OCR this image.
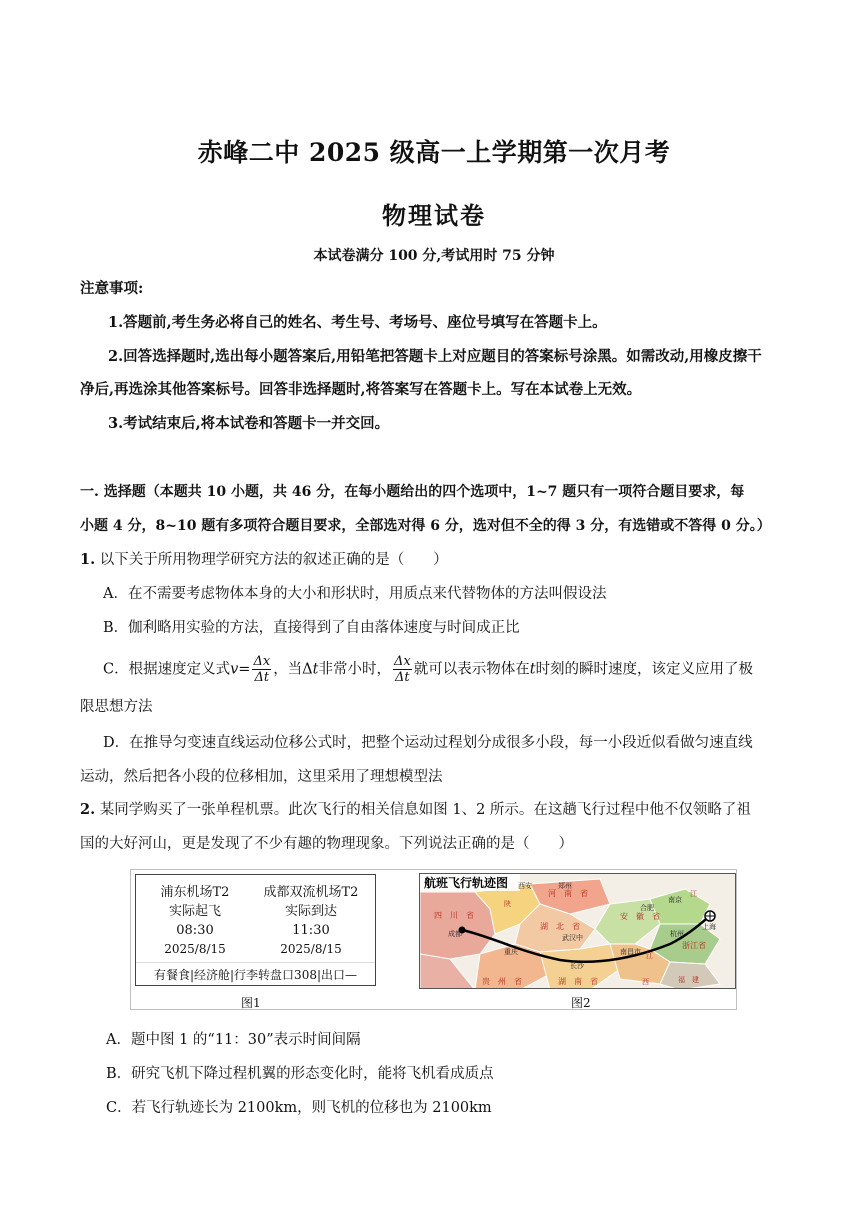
赤峰二中 2025 级高一上学期第一次月考
物理试卷
本试卷满分 100 分,考试用时 75 分钟
注意事项:
1.答题前,考生务必将自己的姓名、考生号、考场号、座位号填写在答题卡上。
2.回答选择题时,选出每小题答案后,用铅笔把答题卡上对应题目的答案标号涂黑。如需改动,用橡皮擦干
净后,再选涂其他答案标号。回答非选择题时,将答案写在答题卡上。写在本试卷上无效。
3.考试结束后,将本试卷和答题卡一并交回。
一. 选择题（本题共 10 小题，共 46 分，在每小题给出的四个选项中，1~7 题只有一项符合题目要求，每
小题 4 分，8~10 题有多项符合题目要求，全部选对得 6 分，选对但不全的得 3 分，有选错或不答得 0 分。）
1. 以下关于所用物理学研究方法的叙述正确的是（　　）
A．在不需要考虑物体本身的大小和形状时，用质点来代替物体的方法叫假设法
B．伽利略用实验的方法，直接得到了自由落体速度与时间成正比
C．根据速度定义式$v= \frac{\Delta x}{\Delta t}$ ，当Δt非常小时， $\frac{\Delta x}{\Delta t}$ 就可以表示物体在t时刻的瞬时速度，该定义应用了极
限思想方法
D．在推导匀变速直线运动位移公式时，把整个运动过程划分成很多小段，每一小段近似看做匀速直线
运动，然后把各小段的位移相加，这里采用了理想模型法
2. 某同学购买了一张单程机票。此次飞行的相关信息如图 1、2 所示。在这趟飞行过程中他不仅领略了祖
国的大好河山，更是发现了不少有趣的物理现象。下列说法正确的是（　　）
浦东机场T2
实际起飞
08:30
2025/8/15
成都双流机场T2
实际到达
11:30
2025/8/15
有餐食|经济舱|行李转盘口308|出口—
航班飞行轨迹图
四　川　省
成都
陕
河　南　省
郑州
西安
湖　北　省
武汉中
安　徽　省
合肥
南京
江
上海
杭州
浙江省
江
南昌市
长沙
湖　南　省
贵　州　省
重庆
福　建
西
图1	图2
A．题中图 1 的“11：30”表示时间间隔
B．研究飞机下降过程机翼的形态变化时，能将飞机看成质点
C．若飞行轨迹长为 2100km，则飞机的位移也为 2100km
